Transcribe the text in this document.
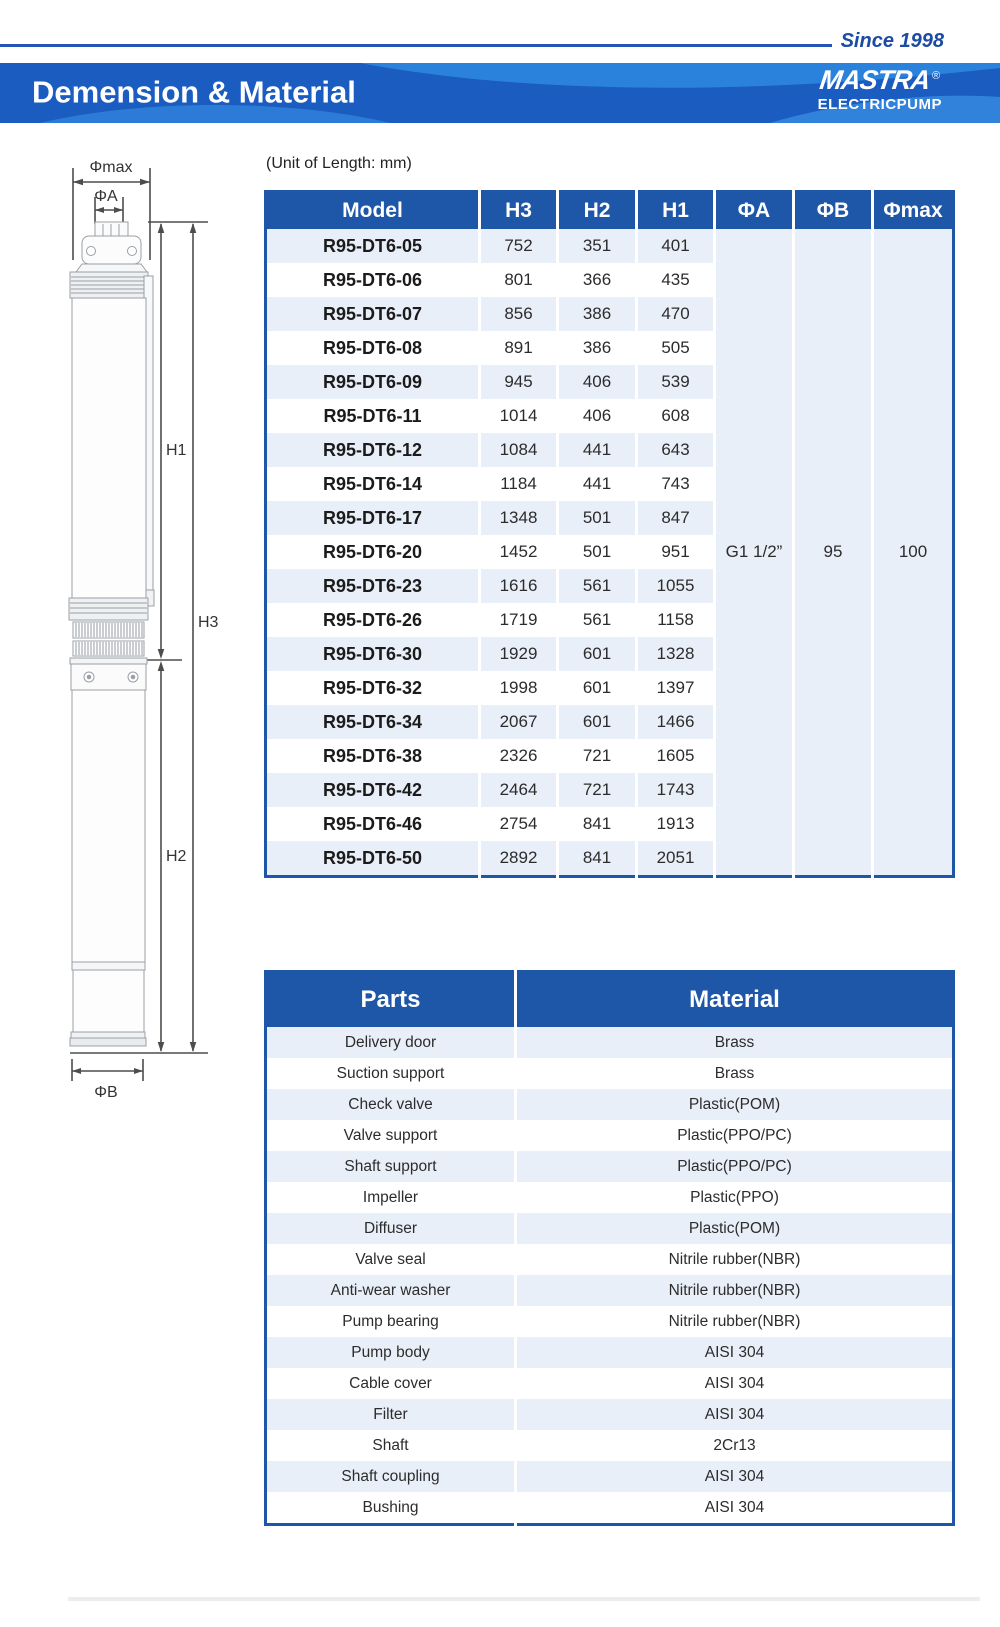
Since 1998
Demension & Material	MASTRA ®
ELECTRICPUMP
(Unit of Length: mm)
Φmax
ΦA
H1
H3
H2
ΦB
Model	H3	H2	H1	ΦA	ΦB	Φmax
R95-DT6-05	752	351	401	G1 1/2”	95	100
R95-DT6-06	801	366	435			
R95-DT6-07	856	386	470			
R95-DT6-08	891	386	505			
R95-DT6-09	945	406	539			
R95-DT6-11	1014	406	608			
R95-DT6-12	1084	441	643			
R95-DT6-14	1184	441	743			
R95-DT6-17	1348	501	847			
R95-DT6-20	1452	501	951			
R95-DT6-23	1616	561	1055			
R95-DT6-26	1719	561	1158			
R95-DT6-30	1929	601	1328			
R95-DT6-32	1998	601	1397			
R95-DT6-34	2067	601	1466			
R95-DT6-38	2326	721	1605			
R95-DT6-42	2464	721	1743			
R95-DT6-46	2754	841	1913			
R95-DT6-50	2892	841	2051			
Parts	Material
Delivery door	Brass
Suction support	Brass
Check valve	Plastic(POM)
Valve support	Plastic(PPO/PC)
Shaft support	Plastic(PPO/PC)
Impeller	Plastic(PPO)
Diffuser	Plastic(POM)
Valve seal	Nitrile rubber(NBR)
Anti-wear washer	Nitrile rubber(NBR)
Pump bearing	Nitrile rubber(NBR)
Pump body	AISI 304
Cable cover	AISI 304
Filter	AISI 304
Shaft	2Cr13
Shaft coupling	AISI 304
Bushing	AISI 304
